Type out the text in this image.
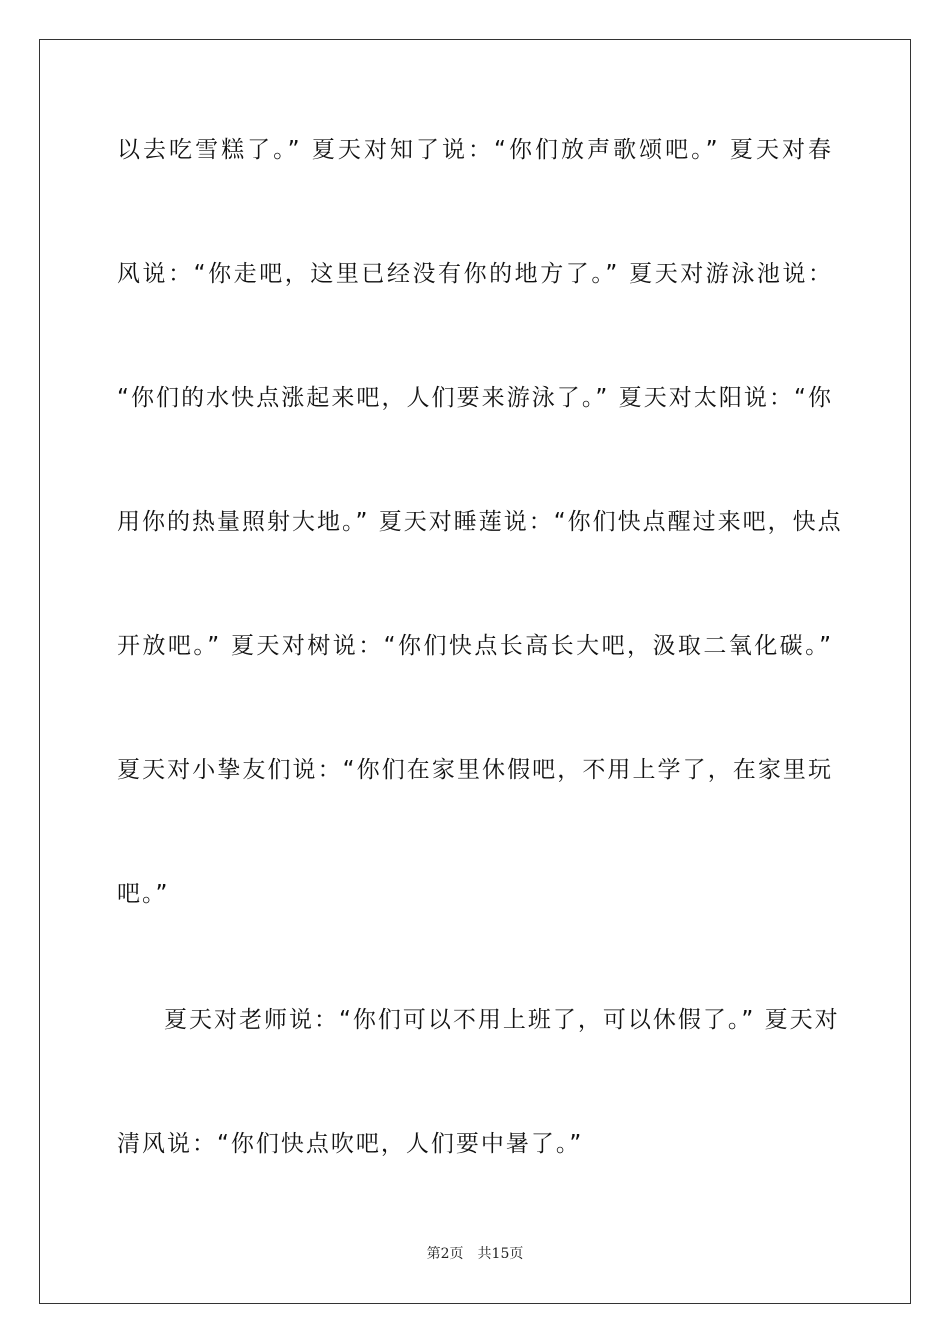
以去吃雪糕了。” 夏天对知了说：“你们放声歌颂吧。” 夏天对春
风说：“你走吧，这里已经没有你的地方了。” 夏天对游泳池说：
“你们的水快点涨起来吧，人们要来游泳了。” 夏天对太阳说：“你
用你的热量照射大地。” 夏天对睡莲说：“你们快点醒过来吧，快点
开放吧。” 夏天对树说：“你们快点长高长大吧，汲取二氧化碳。”
夏天对小挚友们说：“你们在家里休假吧，不用上学了，在家里玩
吧。”
夏天对老师说：“你们可以不用上班了，可以休假了。” 夏天对
清风说：“你们快点吹吧，人们要中暑了。”
第2页 共15页
